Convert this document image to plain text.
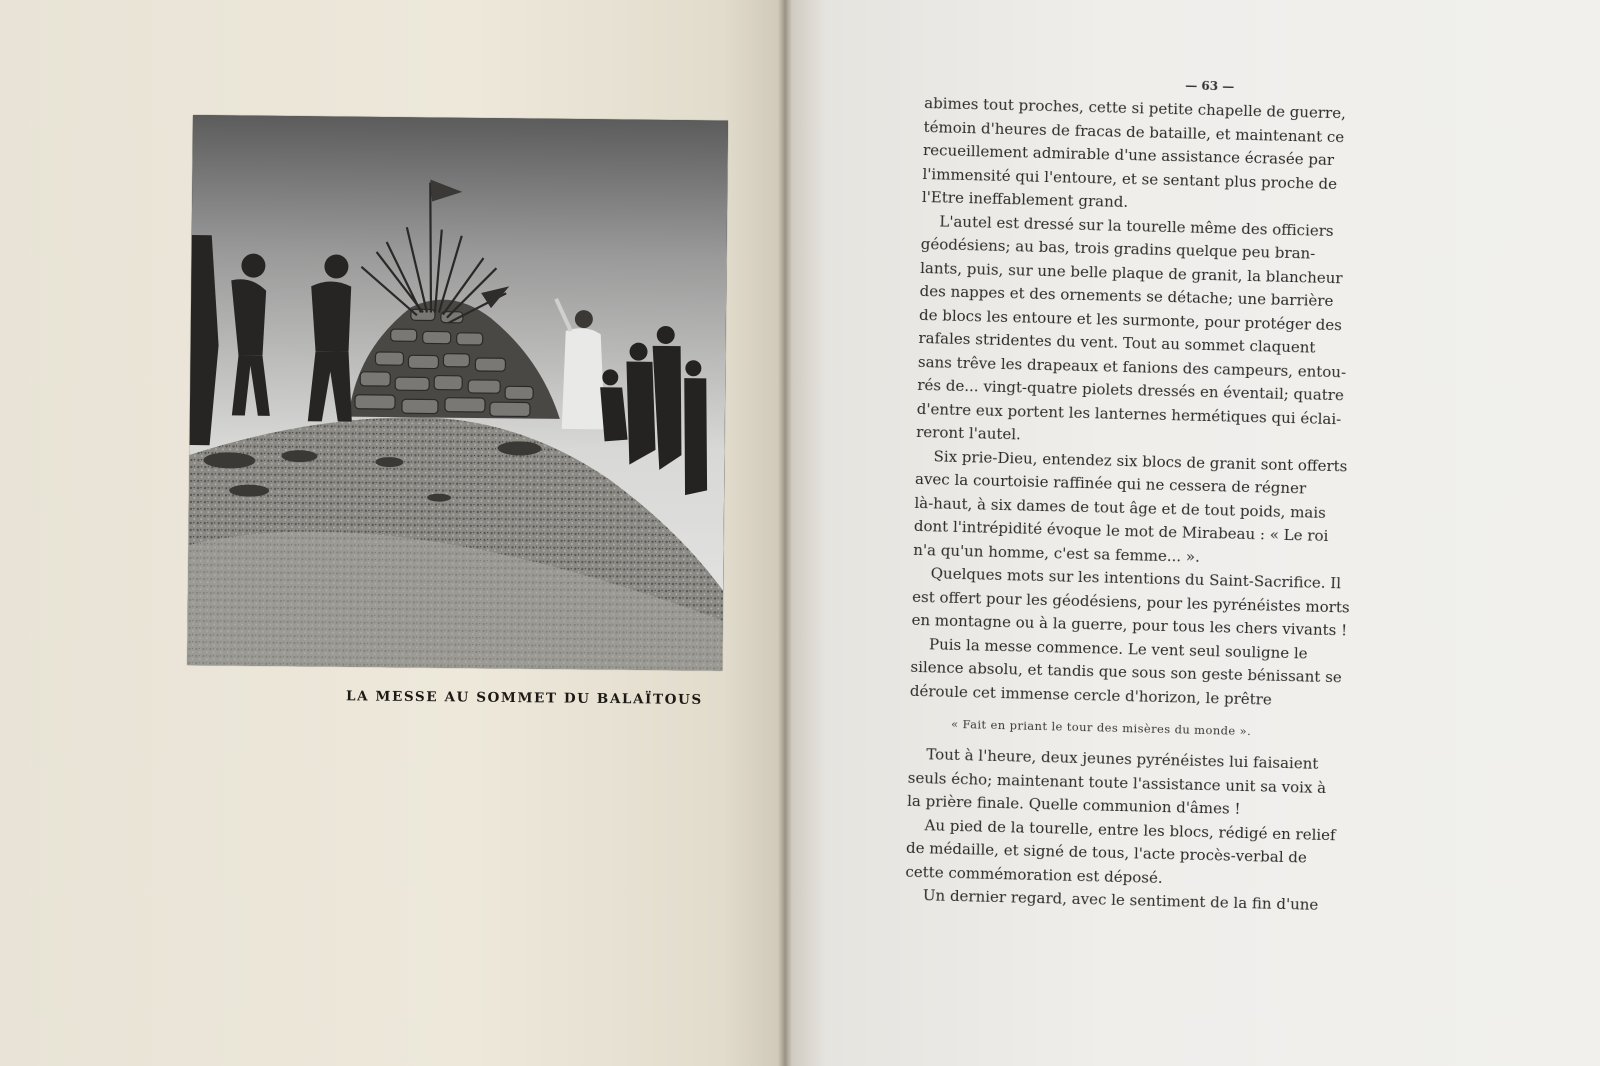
LA MESSE AU SOMMET DU BALAÏTOUS
— 63 —
abimes tout proches, cette si petite chapelle de guerre,
témoin d'heures de fracas de bataille, et maintenant ce
recueillement admirable d'une assistance écrasée par
l'immensité qui l'entoure, et se sentant plus proche de
l'Etre ineffablement grand.
L'autel est dressé sur la tourelle même des officiers
géodésiens; au bas, trois gradins quelque peu bran-
lants, puis, sur une belle plaque de granit, la blancheur
des nappes et des ornements se détache; une barrière
de blocs les entoure et les surmonte, pour protéger des
rafales stridentes du vent. Tout au sommet claquent
sans trêve les drapeaux et fanions des campeurs, entou-
rés de... vingt-quatre piolets dressés en éventail; quatre
d'entre eux portent les lanternes hermétiques qui éclai-
reront l'autel.
Six prie-Dieu, entendez six blocs de granit sont offerts
avec la courtoisie raffinée qui ne cessera de régner
là-haut, à six dames de tout âge et de tout poids, mais
dont l'intrépidité évoque le mot de Mirabeau : « Le roi
n'a qu'un homme, c'est sa femme... ».
Quelques mots sur les intentions du Saint-Sacrifice. Il
est offert pour les géodésiens, pour les pyrénéistes morts
en montagne ou à la guerre, pour tous les chers vivants !
Puis la messe commence. Le vent seul souligne le
silence absolu, et tandis que sous son geste bénissant se
déroule cet immense cercle d'horizon, le prêtre
« Fait en priant le tour des misères du monde ».
Tout à l'heure, deux jeunes pyrénéistes lui faisaient
seuls écho; maintenant toute l'assistance unit sa voix à
la prière finale. Quelle communion d'âmes !
Au pied de la tourelle, entre les blocs, rédigé en relief
de médaille, et signé de tous, l'acte procès-verbal de
cette commémoration est déposé.
Un dernier regard, avec le sentiment de la fin d'une
